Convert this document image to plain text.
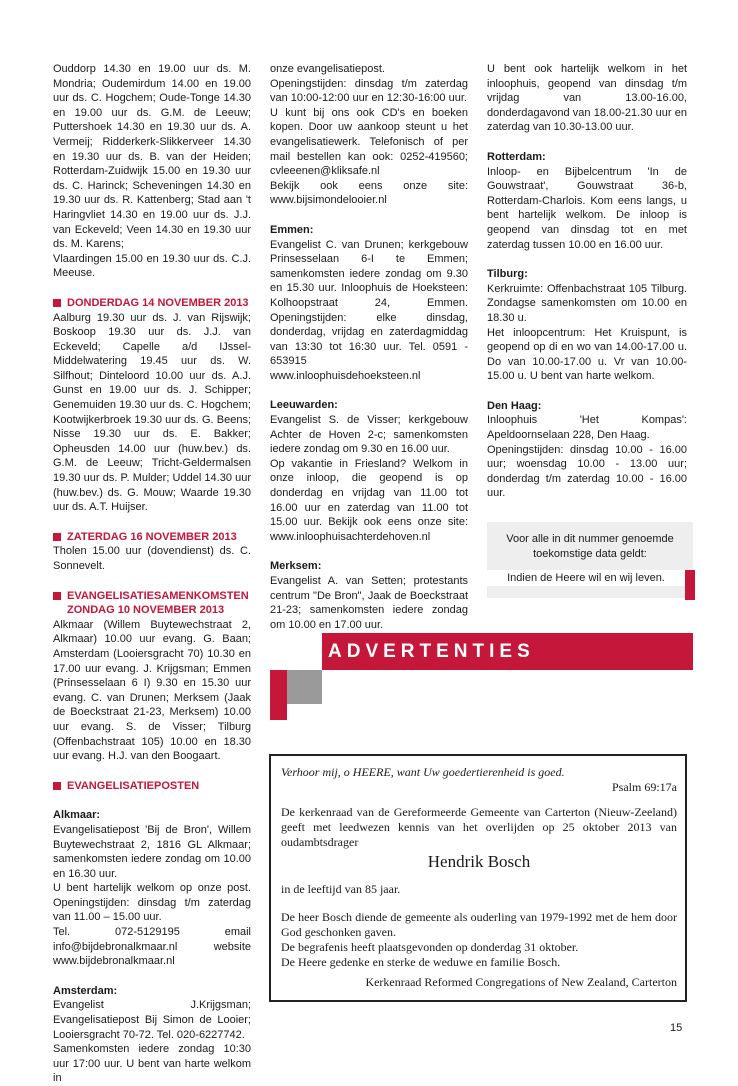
Ouddorp 14.30 en 19.00 uur ds. M. Mondria; Oudemirdum 14.00 en 19.00 uur ds. C. Hogchem; Oude-Tonge 14.30 en 19.00 uur ds. G.M. de Leeuw; Puttershoek 14.30 en 19.30 uur ds. A. Vermeij; Ridderkerk-Slikkerveer 14.30 en 19.30 uur ds. B. van der Heiden; Rotterdam-Zuidwijk 15.00 en 19.30 uur ds. C. Harinck; Scheveningen 14.30 en 19.30 uur ds. R. Kattenberg; Stad aan 't Haringvliet 14.30 en 19.00 uur ds. J.J. van Eckeveld; Veen 14.30 en 19.30 uur ds. M. Karens;

Vlaardingen 15.00 en 19.30 uur ds. C.J. Meeuse.

DONDERDAG 14 NOVEMBER 2013

Aalburg 19.30 uur ds. J. van Rijswijk; Boskoop 19.30 uur ds. J.J. van Eckeveld; Capelle a/d IJssel-Middelwatering 19.45 uur ds. W. Silfhout; Dinteloord 10.00 uur ds. A.J. Gunst en 19.00 uur ds. J. Schipper; Genemuiden 19.30 uur ds. C. Hogchem; Kootwijkerbroek 19.30 uur ds. G. Beens; Nisse 19.30 uur ds. E. Bakker; Opheusden 14.00 uur (huw.bev.) ds. G.M. de Leeuw; Tricht-Geldermalsen 19.30 uur ds. P. Mulder; Uddel 14.30 uur (huw.bev.) ds. G. Mouw; Waarde 19.30 uur ds. A.T. Huijser.

ZATERDAG 16 NOVEMBER 2013

Tholen 15.00 uur (dovendienst) ds. C. Sonnevelt.

EVANGELISATIESAMENKOMSTEN
ZONDAG 10 NOVEMBER 2013

Alkmaar (Willem Buytewechstraat 2, Alkmaar) 10.00 uur evang. G. Baan; Amsterdam (Looiersgracht 70) 10.30 en 17.00 uur evang. J. Krijgsman; Emmen (Prinsesselaan 6 I) 9.30 en 15.30 uur evang. C. van Drunen; Merksem (Jaak de Boeckstraat 21-23, Merksem) 10.00 uur evang. S. de Visser; Tilburg (Offenbachstraat 105) 10.00 en 18.30 uur evang. H.J. van den Boogaart.

EVANGELISATIEPOSTEN

Alkmaar:

Evangelisatiepost 'Bij de Bron', Willem Buytewechstraat 2, 1816 GL Alkmaar; samenkomsten iedere zondag om 10.00 en 16.30 uur.
U bent hartelijk welkom op onze post. Openingstijden: dinsdag t/m zaterdag van 11.00 – 15.00 uur.
Tel. 072-5129195 email info@bijdebronalkmaar.nl website www.bijdebronalkmaar.nl

Amsterdam:

Evangelist J.Krijgsman; Evangelisatiepost Bij Simon de Looier; Looiersgracht 70-72. Tel. 020-6227742.
Samenkomsten iedere zondag 10:30 uur 17:00 uur. U bent van harte welkom in

onze evangelisatiepost.
Openingstijden: dinsdag t/m zaterdag van 10:00-12:00 uur en 12:30-16:00 uur.
U kunt bij ons ook CD's en boeken kopen. Door uw aankoop steunt u het evangelisatiewerk. Telefonisch of per mail bestellen kan ook: 0252-419560; cvleeenen@kliksafe.nl
Bekijk ook eens onze site: www.bijsimondelooier.nl

Emmen:

Evangelist C. van Drunen; kerkgebouw Prinsesselaan 6-I te Emmen; samenkomsten iedere zondag om 9.30 en 15.30 uur. Inloophuis de Hoeksteen: Kolhoopstraat 24, Emmen. Openingstijden: elke dinsdag, donderdag, vrijdag en zaterdagmiddag van 13:30 tot 16:30 uur. Tel. 0591 - 653915
www.inloophuisdehoeksteen.nl

Leeuwarden:

Evangelist S. de Visser; kerkgebouw Achter de Hoven 2-c; samenkomsten iedere zondag om 9.30 en 16.00 uur.
Op vakantie in Friesland? Welkom in onze inloop, die geopend is op donderdag en vrijdag van 11.00 tot 16.00 uur en zaterdag van 11.00 tot 15.00 uur. Bekijk ook eens onze site: www.inloophuisachterdehoven.nl

Merksem:

Evangelist A. van Setten; protestants centrum "De Bron", Jaak de Boeckstraat 21-23; samenkomsten iedere zondag om 10.00 en 17.00 uur.

U bent ook hartelijk welkom in het inloophuis, geopend van dinsdag t/m vrijdag van 13.00-16.00, donderdagavond van 18.00-21.30 uur en zaterdag van 10.30-13.00 uur.

Rotterdam:

Inloop- en Bijbelcentrum 'In de Gouwstraat', Gouwstraat 36-b, Rotterdam-Charlois. Kom eens langs, u bent hartelijk welkom. De inloop is geopend van dinsdag tot en met zaterdag tussen 10.00 en 16.00 uur.

Tilburg:

Kerkruimte: Offenbachstraat 105 Tilburg. Zondagse samenkomsten om 10.00 en 18.30 u.
Het inloopcentrum: Het Kruispunt, is geopend op di en wo van 14.00-17.00 u. Do van 10.00-17.00 u. Vr van 10.00-15.00 u. U bent van harte welkom.

Den Haag:

Inloophuis 'Het Kompas': Apeldoornselaan 228, Den Haag.
Openingstijden: dinsdag 10.00 - 16.00 uur; woensdag 10.00 - 13.00 uur; donderdag t/m zaterdag 10.00 - 16.00 uur.

Voor alle in dit nummer genoemde
toekomstige data geldt:
Indien de Heere wil en wij leven.
ADVERTENTIES
Verhoor mij, o HEERE, want Uw goedertierenheid is goed.
Psalm 69:17a
De kerkenraad van de Gereformeerde Gemeente van Carterton (Nieuw-Zeeland) geeft met leedwezen kennis van het overlijden op 25 oktober 2013 van oudambtsdrager
Hendrik Bosch
in de leeftijd van 85 jaar.
De heer Bosch diende de gemeente als ouderling van 1979-1992 met de hem door God geschonken gaven.
De begrafenis heeft plaatsgevonden op donderdag 31 oktober.
De Heere gedenke en sterke de weduwe en familie Bosch.
Kerkenraad Reformed Congregations of New Zealand, Carterton
15
